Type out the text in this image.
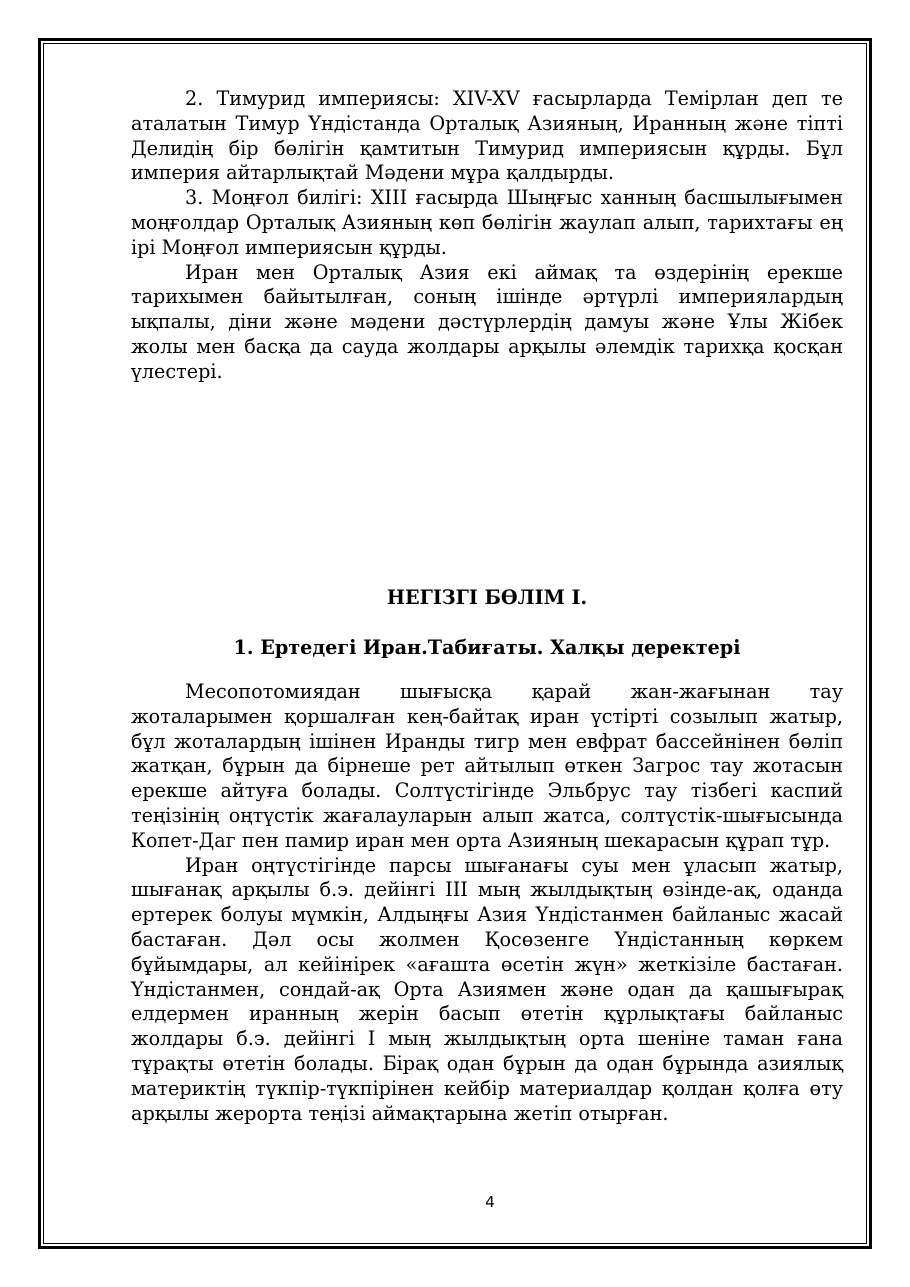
2. Тимурид империясы: XIV-XV ғасырларда Темірлан деп те аталатын Тимур Үндістанда Орталық Азияның, Иранның және тіпті Делидің бір бөлігін қамтитын Тимурид империясын құрды. Бұл империя айтарлықтай Мәдени мұра қалдырды.

3. Моңғол билігі: XIII ғасырда Шыңғыс ханның басшылығымен моңғолдар Орталық Азияның көп бөлігін жаулап алып, тарихтағы ең ірі Моңғол империясын құрды.

Иран мен Орталық Азия екі аймақ та өздерінің ерекше тарихымен байытылған, соның ішінде әртүрлі империялардың ықпалы, діни және мәдени дәстүрлердің дамуы және Ұлы Жібек жолы мен басқа да сауда жолдары арқылы әлемдік тарихқа қосқан үлестері.

НЕГІЗГІ БӨЛІМ I.
1. Ертедегі Иран.Табиғаты. Халқы деректері

Месопотомиядан шығысқа қарай жан-жағынан тау жоталарымен қоршалған кең-байтақ иран үстірті созылып жатыр, бұл жоталардың ішінен Иранды тигр мен евфрат бассейнінен бөліп жатқан, бұрын да бірнеше рет айтылып өткен Загрос тау жотасын ерекше айтуға болады. Солтүстігінде Эльбрус тау тізбегі каспий теңізінің оңтүстік жағалауларын алып жатса, солтүстік-шығысында Копет-Даг пен памир иран мен орта Азияның шекарасын құрап тұр.

Иран оңтүстігінде парсы шығанағы суы мен ұласып жатыр, шығанақ арқылы б.э. дейінгі III мың жылдықтың өзінде-ақ, оданда ертерек болуы мүмкін, Алдыңғы Азия Үндістанмен байланыс жасай бастаған. Дәл осы жолмен Қосөзенге Үндістанның көркем бұйымдары, ал кейінірек «ағашта өсетін жүн» жеткізіле бастаған. Үндістанмен, сондай-ақ Орта Азиямен және одан да қашығырақ елдермен иранның жерін басып өтетін құрлықтағы байланыс жолдары б.э. дейінгі I мың жылдықтың орта шеніне таман ғана тұрақты өтетін болады. Бірақ одан бұрын да одан бұрында азиялық материктің түкпір-түкпірінен кейбір материалдар қолдан қолға өту арқылы жерорта теңізі аймақтарына жетіп отырған.

4
